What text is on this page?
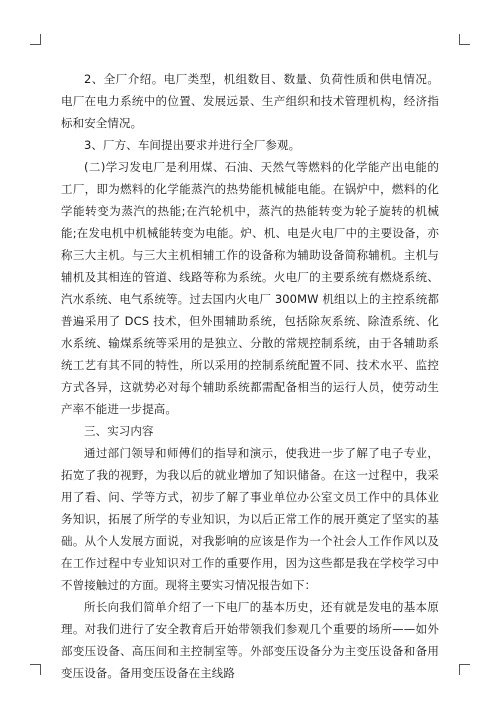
2、全厂介绍。电厂类型，机组数目、数量、负荷性质和供电情况。电厂在电力系统中的位置、发展远景、生产组织和技术管理机构，经济指标和安全情况。

3、厂方、车间提出要求并进行全厂参观。

(二)学习发电厂是利用煤、石油、天然气等燃料的化学能产出电能的工厂，即为燃料的化学能蒸汽的热势能机械能电能。在锅炉中，燃料的化学能转变为蒸汽的热能;在汽轮机中，蒸汽的热能转变为轮子旋转的机械能;在发电机中机械能转变为电能。炉、机、电是火电厂中的主要设备，亦称三大主机。与三大主机相辅工作的设备称为辅助设备简称辅机。主机与辅机及其相连的管道、线路等称为系统。火电厂的主要系统有燃烧系统、汽水系统、电气系统等。过去国内火电厂 300MW 机组以上的主控系统都普遍采用了 DCS 技术，但外围辅助系统，包括除灰系统、除渣系统、化水系统、输煤系统等采用的是独立、分散的常规控制系统，由于各辅助系统工艺有其不同的特性，所以采用的控制系统配置不同、技术水平、监控方式各异，这就势必对每个辅助系统都需配备相当的运行人员，使劳动生产率不能进一步提高。

三、实习内容

通过部门领导和师傅们的指导和演示，使我进一步了解了电子专业，拓宽了我的视野，为我以后的就业增加了知识储备。在这一过程中，我采用了看、问、学等方式，初步了解了事业单位办公室文员工作中的具体业务知识，拓展了所学的专业知识，为以后正常工作的展开奠定了坚实的基础。从个人发展方面说，对我影响的应该是作为一个社会人工作作风以及在工作过程中专业知识对工作的重要作用，因为这些都是我在学校学习中不曾接触过的方面。现将主要实习情况报告如下：

所长向我们简单介绍了一下电厂的基本历史，还有就是发电的基本原理。对我们进行了安全教育后开始带领我们参观几个重要的场所——如外部变压设备、高压间和主控制室等。外部变压设备分为主变压设备和备用变压设备。备用变压设备在主线路
